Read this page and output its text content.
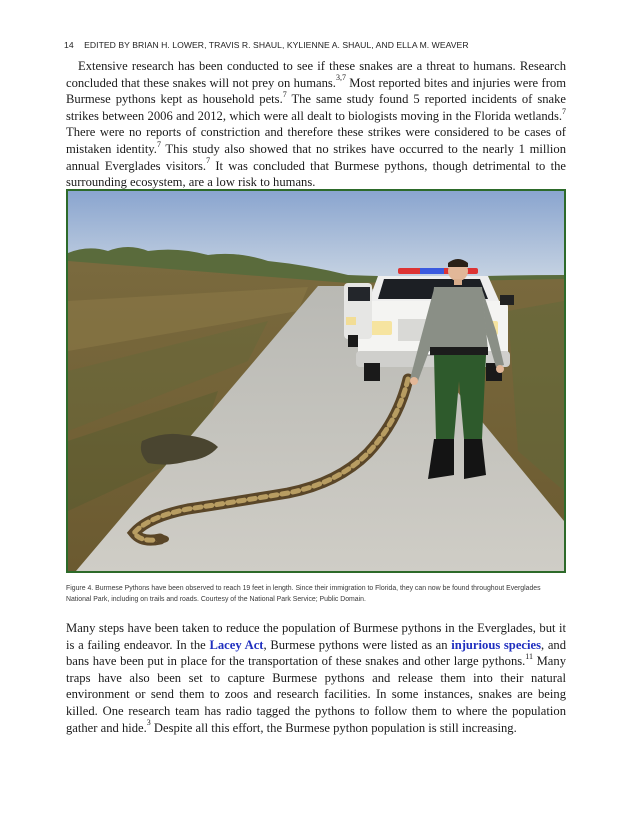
14 EDITED BY BRIAN H. LOWER, TRAVIS R. SHAUL, KYLIENNE A. SHAUL, AND ELLA M. WEAVER

Extensive research has been conducted to see if these snakes are a threat to humans. Research concluded that these snakes will not prey on humans.$^{3,7}$ Most reported bites and injuries were from Burmese pythons kept as household pets.$^7$ The same study found 5 reported incidents of snake strikes between 2006 and 2012, which were all dealt to biologists moving in the Florida wetlands.$^7$ There were no reports of constriction and therefore these strikes were considered to be cases of mistaken identity.$^7$ This study also showed that no strikes have occurred to the nearly 1 million annual Everglades visitors.$^7$ It was concluded that Burmese pythons, though detrimental to the surrounding ecosystem, are a low risk to humans.

Figure 4. Burmese Pythons have been observed to reach 19 feet in length. Since their immigration to Florida, they can now be found throughout Everglades National Park, including on trails and roads. Courtesy of the National Park Service; Public Domain.

Many steps have been taken to reduce the population of Burmese pythons in the Everglades, but it is a failing endeavor. In the Lacey Act, Burmese pythons were listed as an injurious species, and bans have been put in place for the transportation of these snakes and other large pythons.$^{11}$ Many traps have also been set to capture Burmese pythons and release them into their natural environment or send them to zoos and research facilities. In some instances, snakes are being killed. One research team has radio tagged the pythons to follow them to where the population gather and hide.$^3$ Despite all this effort, the Burmese python population is still increasing.
